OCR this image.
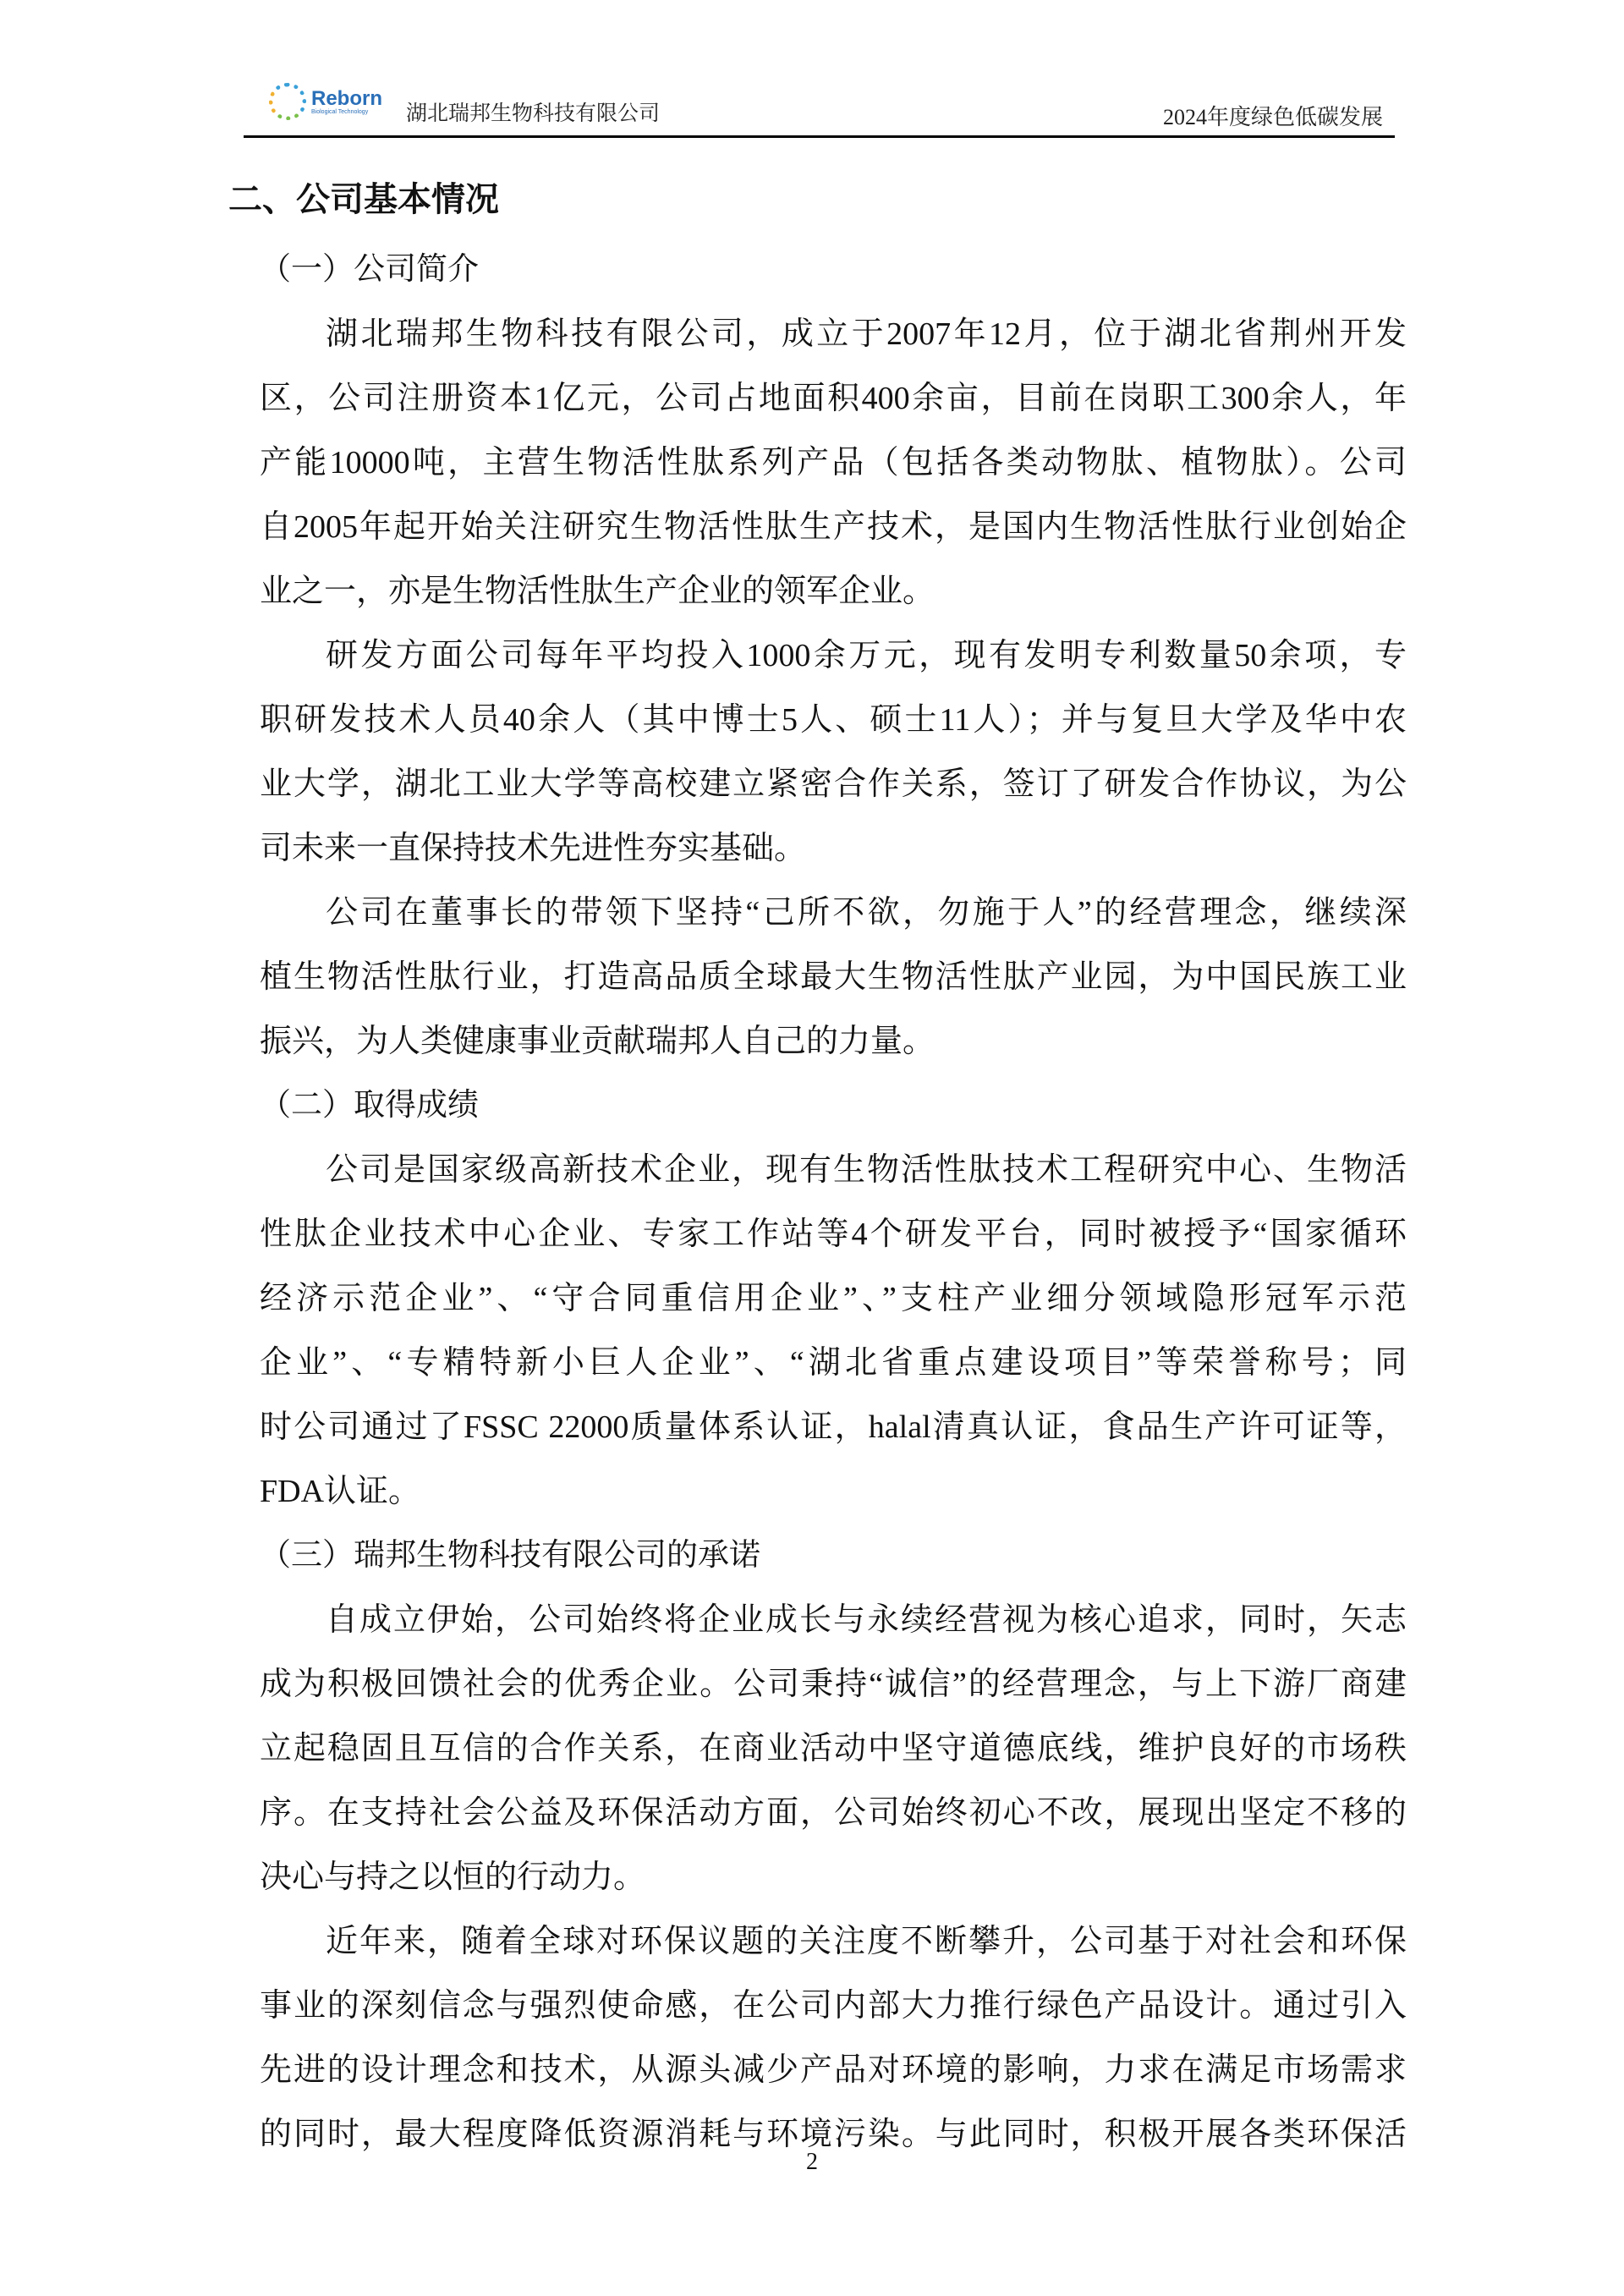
Reborn
Biological Technology	湖北瑞邦生物科技有限公司	2024年度绿色低碳发展
二、公司基本情况
（一）公司简介
湖北瑞邦生物科技有限公司，成立于2007年12月，位于湖北省荆州开发
区，公司注册资本1亿元，公司占地面积400余亩，目前在岗职工300余人，年
产能10000吨，主营生物活性肽系列产品（包括各类动物肽、植物肽）。公司
自2005年起开始关注研究生物活性肽生产技术，是国内生物活性肽行业创始企
业之一，亦是生物活性肽生产企业的领军企业。
研发方面公司每年平均投入1000余万元，现有发明专利数量50余项，专
职研发技术人员40余人（其中博士5人、硕士11人）；并与复旦大学及华中农
业大学，湖北工业大学等高校建立紧密合作关系，签订了研发合作协议，为公
司未来一直保持技术先进性夯实基础。
公司在董事长的带领下坚持“己所不欲，勿施于人”的经营理念，继续深
植生物活性肽行业，打造高品质全球最大生物活性肽产业园，为中国民族工业
振兴，为人类健康事业贡献瑞邦人自己的力量。
（二）取得成绩
公司是国家级高新技术企业，现有生物活性肽技术工程研究中心、生物活
性肽企业技术中心企业、专家工作站等4个研发平台，同时被授予“国家循环
经济示范企业”、“守合同重信用企业”、”支柱产业细分领域隐形冠军示范
企业”、“专精特新小巨人企业”、“湖北省重点建设项目”等荣誉称号；同
时公司通过了FSSC 22000质量体系认证，halal清真认证，食品生产许可证等，
FDA认证。
（三）瑞邦生物科技有限公司的承诺
自成立伊始，公司始终将企业成长与永续经营视为核心追求，同时，矢志
成为积极回馈社会的优秀企业。公司秉持“诚信”的经营理念，与上下游厂商建
立起稳固且互信的合作关系，在商业活动中坚守道德底线，维护良好的市场秩
序。在支持社会公益及环保活动方面，公司始终初心不改，展现出坚定不移的
决心与持之以恒的行动力。
近年来，随着全球对环保议题的关注度不断攀升，公司基于对社会和环保
事业的深刻信念与强烈使命感，在公司内部大力推行绿色产品设计。通过引入
先进的设计理念和技术，从源头减少产品对环境的影响，力求在满足市场需求
的同时，最大程度降低资源消耗与环境污染。与此同时，积极开展各类环保活
2
